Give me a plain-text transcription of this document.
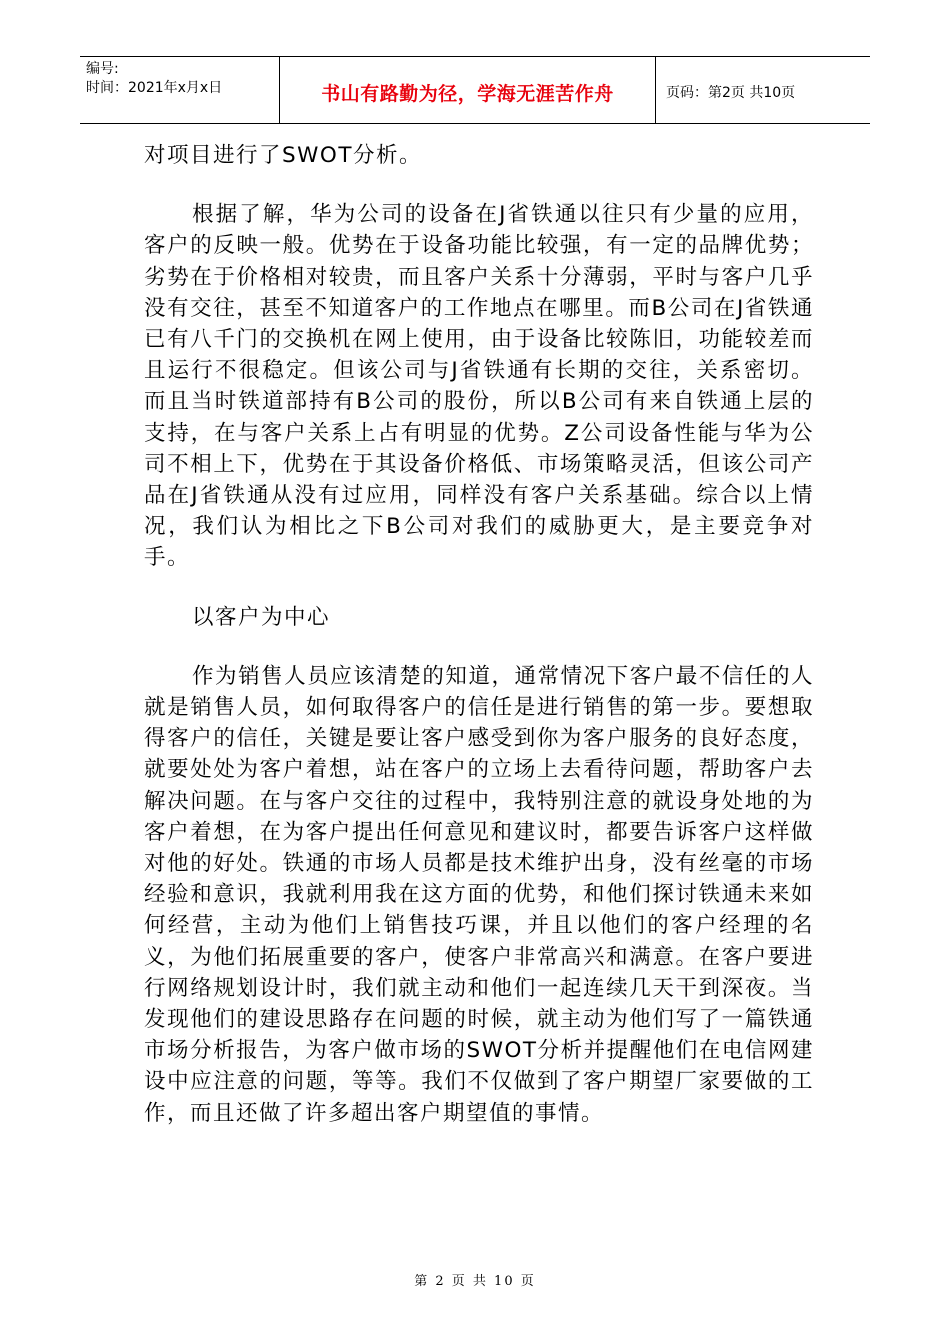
编号:
时间：2021年x月x日	书山有路勤为径，学海无涯苦作舟	页码：第2页 共10页

对项目进行了SWOT分析。

根据了解，华为公司的设备在J省铁通以往只有少量的应用，客户的反映一般。优势在于设备功能比较强，有一定的品牌优势；劣势在于价格相对较贵，而且客户关系十分薄弱，平时与客户几乎没有交往，甚至不知道客户的工作地点在哪里。而B公司在J省铁通已有八千门的交换机在网上使用，由于设备比较陈旧，功能较差而且运行不很稳定。但该公司与J省铁通有长期的交往，关系密切。而且当时铁道部持有B公司的股份，所以B公司有来自铁通上层的支持，在与客户关系上占有明显的优势。Z公司设备性能与华为公司不相上下，优势在于其设备价格低、市场策略灵活，但该公司产品在J省铁通从没有过应用，同样没有客户关系基础。综合以上情况，我们认为相比之下B公司对我们的威胁更大，是主要竞争对手。

以客户为中心

作为销售人员应该清楚的知道，通常情况下客户最不信任的人就是销售人员，如何取得客户的信任是进行销售的第一步。要想取得客户的信任，关键是要让客户感受到你为客户服务的良好态度，就要处处为客户着想，站在客户的立场上去看待问题，帮助客户去解决问题。在与客户交往的过程中，我特别注意的就设身处地的为客户着想，在为客户提出任何意见和建议时，都要告诉客户这样做对他的好处。铁通的市场人员都是技术维护出身，没有丝毫的市场经验和意识，我就利用我在这方面的优势，和他们探讨铁通未来如何经营，主动为他们上销售技巧课，并且以他们的客户经理的名义，为他们拓展重要的客户，使客户非常高兴和满意。在客户要进行网络规划设计时，我们就主动和他们一起连续几天干到深夜。当发现他们的建设思路存在问题的时候，就主动为他们写了一篇铁通市场分析报告，为客户做市场的SWOT分析并提醒他们在电信网建设中应注意的问题，等等。我们不仅做到了客户期望厂家要做的工作，而且还做了许多超出客户期望值的事情。

第 2 页 共 10 页
